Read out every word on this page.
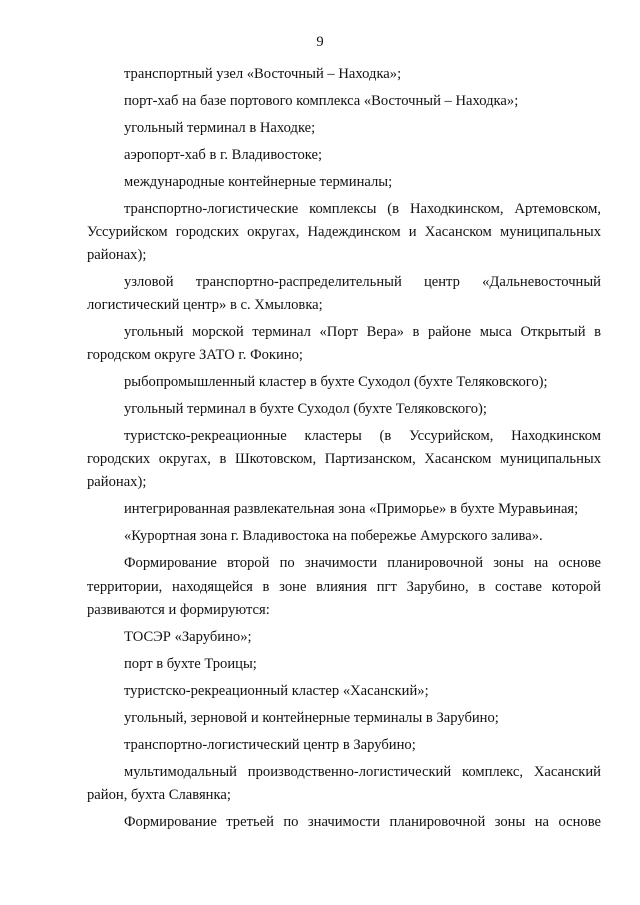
9
транспортный узел «Восточный – Находка»;
порт-хаб на базе портового комплекса «Восточный – Находка»;
угольный терминал в Находке;
аэропорт-хаб в г. Владивостоке;
международные контейнерные терминалы;
транспортно-логистические комплексы (в Находкинском, Артемовском,
Уссурийском городских округах, Надеждинском и Хасанском муниципальных
районах);
узловой транспортно-распределительный центр «Дальневосточный
логистический центр» в с. Хмыловка;
угольный морской терминал «Порт Вера» в районе мыса Открытый в
городском округе ЗАТО г. Фокино;
рыбопромышленный кластер в бухте Суходол (бухте Теляковского);
угольный терминал в бухте Суходол (бухте Теляковского);
туристско-рекреационные кластеры (в Уссурийском, Находкинском
городских округах, в Шкотовском, Партизанском, Хасанском муниципальных
районах);
интегрированная развлекательная зона «Приморье» в бухте Муравьиная;
«Курортная зона г. Владивостока на побережье Амурского залива».
Формирование второй по значимости планировочной зоны на основе
территории, находящейся в зоне влияния пгт Зарубино, в составе которой
развиваются и формируются:
ТОСЭР «Зарубино»;
порт в бухте Троицы;
туристско-рекреационный кластер «Хасанский»;
угольный, зерновой и контейнерные терминалы в Зарубино;
транспортно-логистический центр в Зарубино;
мультимодальный производственно-логистический комплекс, Хасанский
район, бухта Славянка;
Формирование третьей по значимости планировочной зоны на основе
